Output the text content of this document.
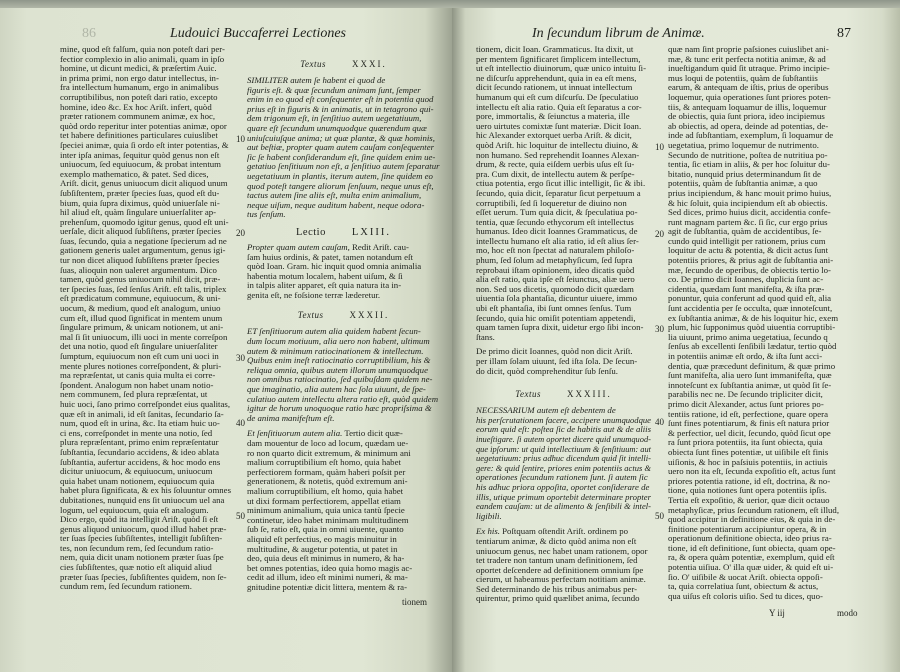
86	Ludouici Buccaferrei Lectiones
mine, quod eſt falſum, quia non poteſt dari per-
fectior complexio in alio animali, quam in ipſo
homine, ut dicunt medici, & præſertim Auic.
in prima primi, non ergo datur intellectus, in-
fra intellectum humanum, ergo in animalibus
corruptibilibus, non poteſt dari ratio, excepto
homine, ideo &c. Ex hoc Ariſt. infert, quòd
præter rationem communem animæ, ex hoc,
quòd ordo reperitur inter potentias animæ, opor
tet habere definitiones particulares cuiuslibet
ſpeciei animæ, quia ſi ordo eſt inter potentias, &
inter ipſa animas, ſequitur quòd genus non eſt
uniuocum, ſed equiuocum, & probat intentum
exemplo mathematico, & patet. Sed dices,
Ariſt. dicit, genus uniuocum dicit aliquod unum
ſubſiſtentem, præter ſpecies ſuas, quod eſt du-
bium, quia ſupra diximus, quòd uniuerſale ni-
hil aliud eſt, quàm ſingulare uniuerſaliter ap-
prehenſum, quomodo igitur genus, quod eſt uni-
uerſale, dicit aliquod ſubſiſtens, præter ſpecies
ſuas, ſecundo, quia a negatione ſpecierum ad ne
gationem generis ualet argumentum, genus igi-
tur non dicet aliquod ſubſiſtens præter ſpecies
ſuas, alioquin non ualeret argumentum. Dico
tamen, quòd genus uniuocum nihil dicit, præ-
ter ſpecies ſuas, ſed ſenſus Ariſt. eſt talis, triplex
eſt prædicatum commune, equiuocum, & uni-
uocum, & medium, quod eſt analogum, uniuo
cum eſt, illud quod ſignificat in mentem unum
ſingulare primum, & unicam notionem, ut ani-
mal ſi ſit uniuocum, illi uoci in mente correſpon
det una notio, quod eſt ſingulare uniuerſaliter
ſumptum, equiuocum non eſt cum uni uoci in
mente plures notiones correſpondent, & pluri-
ma repræſentat, ut canis quia multa ei corre-
ſpondent. Analogum non habet unam notio-
nem communem, ſed plura repræſentat, ut
huic uoci, ſano primo correſpondet eius qualitas,
quæ eſt in animali, id eſt ſanitas, ſecundario ſa-
num, quod eſt in urina, &c. Ita etiam huic uo-
ci ens, correſpondet in mente una notio, ſed
plura repræſentant, primo enim repræſentatur
ſubſtantia, ſecundario accidens, & ideo ablata
ſubſtantia, aufertur accidens, & hoc modo ens
dicitur uniuocum, & equiuocum, uniuocum
quia habet unam notionem, equiuocum quia
habet plura ſignificata, & ex his ſoluuntur omnes
dubitationes, nunquid ens ſit uniuocum uel ana
logum, uel equiuocum, quia eſt analogum.
Dico ergo, quòd ita intelligit Ariſt. quòd ſi eſt
genus aliquod uniuocum, quod illud habet præ-
ter ſuas ſpecies ſubſiſtentes, intelligit ſubſiſten-
tes, non ſecundum rem, ſed ſecundum ratio-
nem, quia dicit unam notionem præter ſuas ſpe
cies ſubſiſtentes, quæ notio eſt aliquid aliud
præter ſuas ſpecies, ſubſiſtentes quidem, non ſe-
cundum rem, ſed ſecundum rationem.
Textus	XXXI.
SIMILITER autem ſe habent ei quod de
figuris eſt. & quæ ſecundum animam ſunt, ſemper
enim in eo quod eſt conſequenter eſt in potentia quod
prius eſt in figuris & in animatis, ut in tetagrono qui-
dem trigonum eſt, in ſenſitiuo autem uegetatiuum,
quare eſt ſecundum unumquodque quærendum quæ
uniuſcuiuſque anima; ut quæ plantæ, & quæ hominis,
aut beſtiæ, propter quam autem cauſam conſequenter
ſic ſe habent conſiderandum eſt, ſine quidem enim ue-
getatiuo ſenſitiuum non eſt, a ſenſitiuo autem ſeparatur
uegetatiuum in plantis, iterum autem, ſine quidem eo
quod poteſt tangere aliorum ſenſuum, neque unus eſt,
tactus autem ſine aliis eſt, multa enim animalium,
neque uiſum, neque auditum habent, neque odora-
tus ſenſum.
Lectio LXIII.
Propter quam autem cauſam, Redit Ariſt. cau-
ſam huius ordinis, & patet, tamen notandum eſt
quòd Ioan. Gram. hic inquit quod omnia animalia
habentia motum localem, habent uiſum, & ſi
in talpis aliter apparet, eſt quia natura ita in-
genita eſt, ne foſsione terræ læderetur.
Textus	XXXII.
ET ſenſitiuorum autem alia quidem habent ſecun-
dum locum motiuum, alia uero non habent, ultimum
autem & minimum ratiocinationem & intellectum.
Quibus enim ineſt ratiocinatio corruptibilium, his &
reliqua omnia, quibus autem illorum unumquodque
non omnibus ratiocinatio, ſed quibuſdam quidem ne-
que imaginatio, alia autem hac ſola uiuunt, de ſpe-
culatiuo autem intellectu altera ratio eſt, quòd quidem
igitur de horum unoquoque ratio hæc propriſsima &
de anima manifeſtum eſt.
Et ſenſitiuorum autem alia. Tertio dicit quæ-
dam mouentur de loco ad locum, quædam ue-
ro non quarto dicit extremum, & minimum ani
malium corruptibilium eſt homo, quia habet
perfectiorem formam, quàm haberi poſsit per
generationem, & notetis, quòd extremum ani-
malium corruptibilium, eſt homo, quia habet
ut dixi formam perfectiorem, appellat etiam
minimum animalium, quia unica tantù ſpecie
continetur, ideo habet minimam multitudinem
ſub ſe, ratio eſt, quia in omni uiuente, quanto
aliquid eſt perfectius, eo magis minuitur in
multitudine, & augetur potentia, ut patet in
deo, quia deus eſt minimus in numero, & ha-
bet omnes potentias, ideo quia homo magis ac-
cedit ad illum, ideo eſt minimi numeri, & ma-
gnitudine potentiæ dicit littera, mentem & ra-
tionem
10
20
30
40
50
In ſecundum librum de Animæ.	87
tionem, dicit Ioan. Grammaticus. Ita dixit, ut
per mentem ſignificaret ſimplicem intellectum,
ut eſt intellectio diuinorum, quæ unico intuitu ſi-
ne diſcurſu apprehendunt, quia in ea eſt mens,
dicit ſecundo rationem, ut innuat intellectum
humanum qui eſt cum diſcurſu. De ſpeculatiuo
intellectu eſt alia ratio. Quia eſt ſeparatus a cor-
pore, immortalis, & ſeiunctus a materia, ille
uero uirtutes comixtæ ſunt materiæ. Dicit Ioan.
hic Alexander extorquet uerba Ariſt. & dicit,
quòd Ariſt. hic loquitur de intellectu diuino, &
non humano. Sed reprehendit Ioannes Alexan-
drum, & recte, quia eiſdem uerbis uſus eſt ſu-
pra. Cum dixit, de intellectu autem & perſpe-
ctiua potentia, ergo ſicut illic intelligit, ſic & ibi.
ſecundo, quia dicit, ſeparatur ſicut perpetuum a
corruptibili, ſed ſi loqueretur de diuino non
eſſet uerum. Tum quia dicit, & ſpeculatiua po-
tentia, quæ ſecundo ethycorum eſt intellectus
humanus. Ideo dicit Ioannes Grammaticus, de
intellectu humano eſt alia ratio, id eſt alius ſer-
mo, hoc eſt non ſpectat ad naturalem philoſo-
phum, ſed ſolum ad metaphyſicum, ſed ſupra
reprobaui iſtam opinionem, ideo dicatis quòd
alia eſt ratio, quia ipſe eſt ſeiunctus, aliæ uero
non. Sed uos dicetis, quomodo dicit quædam
uiuentia ſola phantaſia, dicuntur uiuere, immo
ubi eſt phantaſia, ibi ſunt omnes ſenſus. Tum
ſecundo, quia hic omiſit potentiam appetendi,
quam tamen ſupra dixit, uidetur ergo ſibi incon-
ſtans.
De primo dicit Ioannes, quòd non dicit Ariſt.
per illam ſolam uiuunt, ſed iſta ſola. De ſecun-
do dicit, quòd comprehenditur ſub ſenſu.
Textus	XXXIII.
NECESSARIUM autem eſt debentem de
his perſcrutationem facere, accipere unumquodque
eorum quid eſt: poſtea ſic de habitis aut & de aliis
inueſtigare. ſi autem oportet dicere quid unumquod-
que ipſorum: ut quid intellectiuum & ſenſitiuum: aut
uegetatiuum: prius adhuc dicendum quid ſit intelli-
gere: & quid ſentire, priores enim potentiis actus &
operationes ſecundum rationem ſunt. ſi autem ſic
his adhuc priora oppoſita, oportet conſiderare de
illis, utique primum oportebit determinare propter
eandem cauſam: ut de alimento & ſenſibili & intel-
ligibili.
Ex his. Poſtquam oſtendit Ariſt. ordinem po
tentiarum animæ, & dicto quòd anima non eſt
uniuocum genus, nec habet unam rationem, opor
tet tradere non tantum unam definitionem, ſed
oportet deſcendere ad definitionem omnium ſpe
cierum, ut habeamus perfectam notitiam animæ.
Sed determinando de his tribus animabus per-
quirentur, primo quid quælibet anima, ſecundo
quæ nam ſint proprie paſsiones cuiuslibet ani-
mæ, & tunc erit perfecta notitia animæ, & ad
inueſtigandum quid ſit utraque. Primo incipie-
mus loqui de potentiis, quàm de ſubſtantiis
earum, & antequam de iſtis, prius de operibus
loquemur, quia operationes ſunt priores poten-
tiis, & antequam loquamur de illis, loquemur
de obiectis, quia ſunt priora, ideo incipiemus
ab obiectis, ad opera, deinde ad potentias, de-
inde ad ſubſtantiam, exemplum, ſi loquamur de
uegetatiua, primo loquemur de nutrimento.
Secundo de nutritione, poſtea de nutritiua po-
tentia, ſic etiam in aliis, & per hoc ſoluitur du-
bitatio, nunquid prius determinandum ſit de
potentiis, quàm de ſubſtantia animæ, a quo
prius incipiendum, & hanc mouit primo huius,
& hic ſoluit, quia incipiendum eſt ab obiectis.
Sed dices, primo huius dicit, accidentia confe-
runt magnam partem &c. ſi ſic, cur ergo prius
agit de ſubſtantia, quàm de accidentibus, ſe-
cundo quid intelligit per rationem, prius cum
loquitur de actu & potentia, & dicit actus ſunt
potentiis priores, & prius agit de ſubſtantia ani-
mæ, ſecundo de operibus, de obiectis tertio lo-
co. De primo dicit Ioannes, duplicia ſunt ac-
cidentia, quædam ſunt manifeſta, & iſta præ-
ponuntur, quia conferunt ad quod quid eſt, alia
ſunt accidentia per ſe occulta, quæ innoteſcunt,
ex ſubſtantia animæ, & de his loquitur hic, exem
plum, hic ſupponimus quòd uiuentia corruptibi-
lia uiuunt, primo anima uegetatiua, ſecundo q
ſenſus ab excellenti ſenſibili lædatur, tertio quòd
in potentiis animæ eſt ordo, & iſta ſunt acci-
dentia, quæ præcedunt definitum, & quæ primo
ſunt manifeſta, alia uero ſunt immanifeſta, quæ
innoteſcunt ex ſubſtantia animæ, ut quòd ſit ſe-
parabilis nec ne. De ſecundo tripliciter dicit,
primo dicit Alexander, actus ſunt priores po-
tentiis ratione, id eſt, perfectione, quare opera
ſunt fines potentiarum, & finis eſt natura prior
& perfectior, uel dicit, ſecundo, quòd ſicut ope
ra ſunt priora potentiis, ita ſunt obiecta, quia
obiecta ſunt fines potentiæ, ut uiſibile eſt finis
uiſionis, & hoc in paſsiuis potentiis, in actiuis
uero non ita eſt, ſecunda expoſitio eſt, actus ſunt
priores potentia ratione, id eſt, doctrina, & no-
tione, quia notiones ſunt opera potentiis ipſis.
Tertia eſt expoſitio, & uerior, quæ dicit octauo
metaphyſicæ, prius ſecundum rationem, eſt illud,
quod accipitur in definitione eius, & quia in de-
finitione potentiarum accipiuntur opera, & in
operationum definitione obiecta, ideo prius ra-
tione, id eſt definitione, ſunt obiecta, quam ope-
ra, & opera quàm potentiæ, exemplum, quid eſt
potentia uiſiua. O' illa quæ uider, & quid eſt ui-
ſio. O' uiſibile & uocat Ariſt. obiecta oppoſi-
ta, quia correlatiua ſunt, obiectum & actus,
qua uiſus eſt coloris uiſio. Sed tu dices, quo-
Y iij	modo
10
20
30
40
50
